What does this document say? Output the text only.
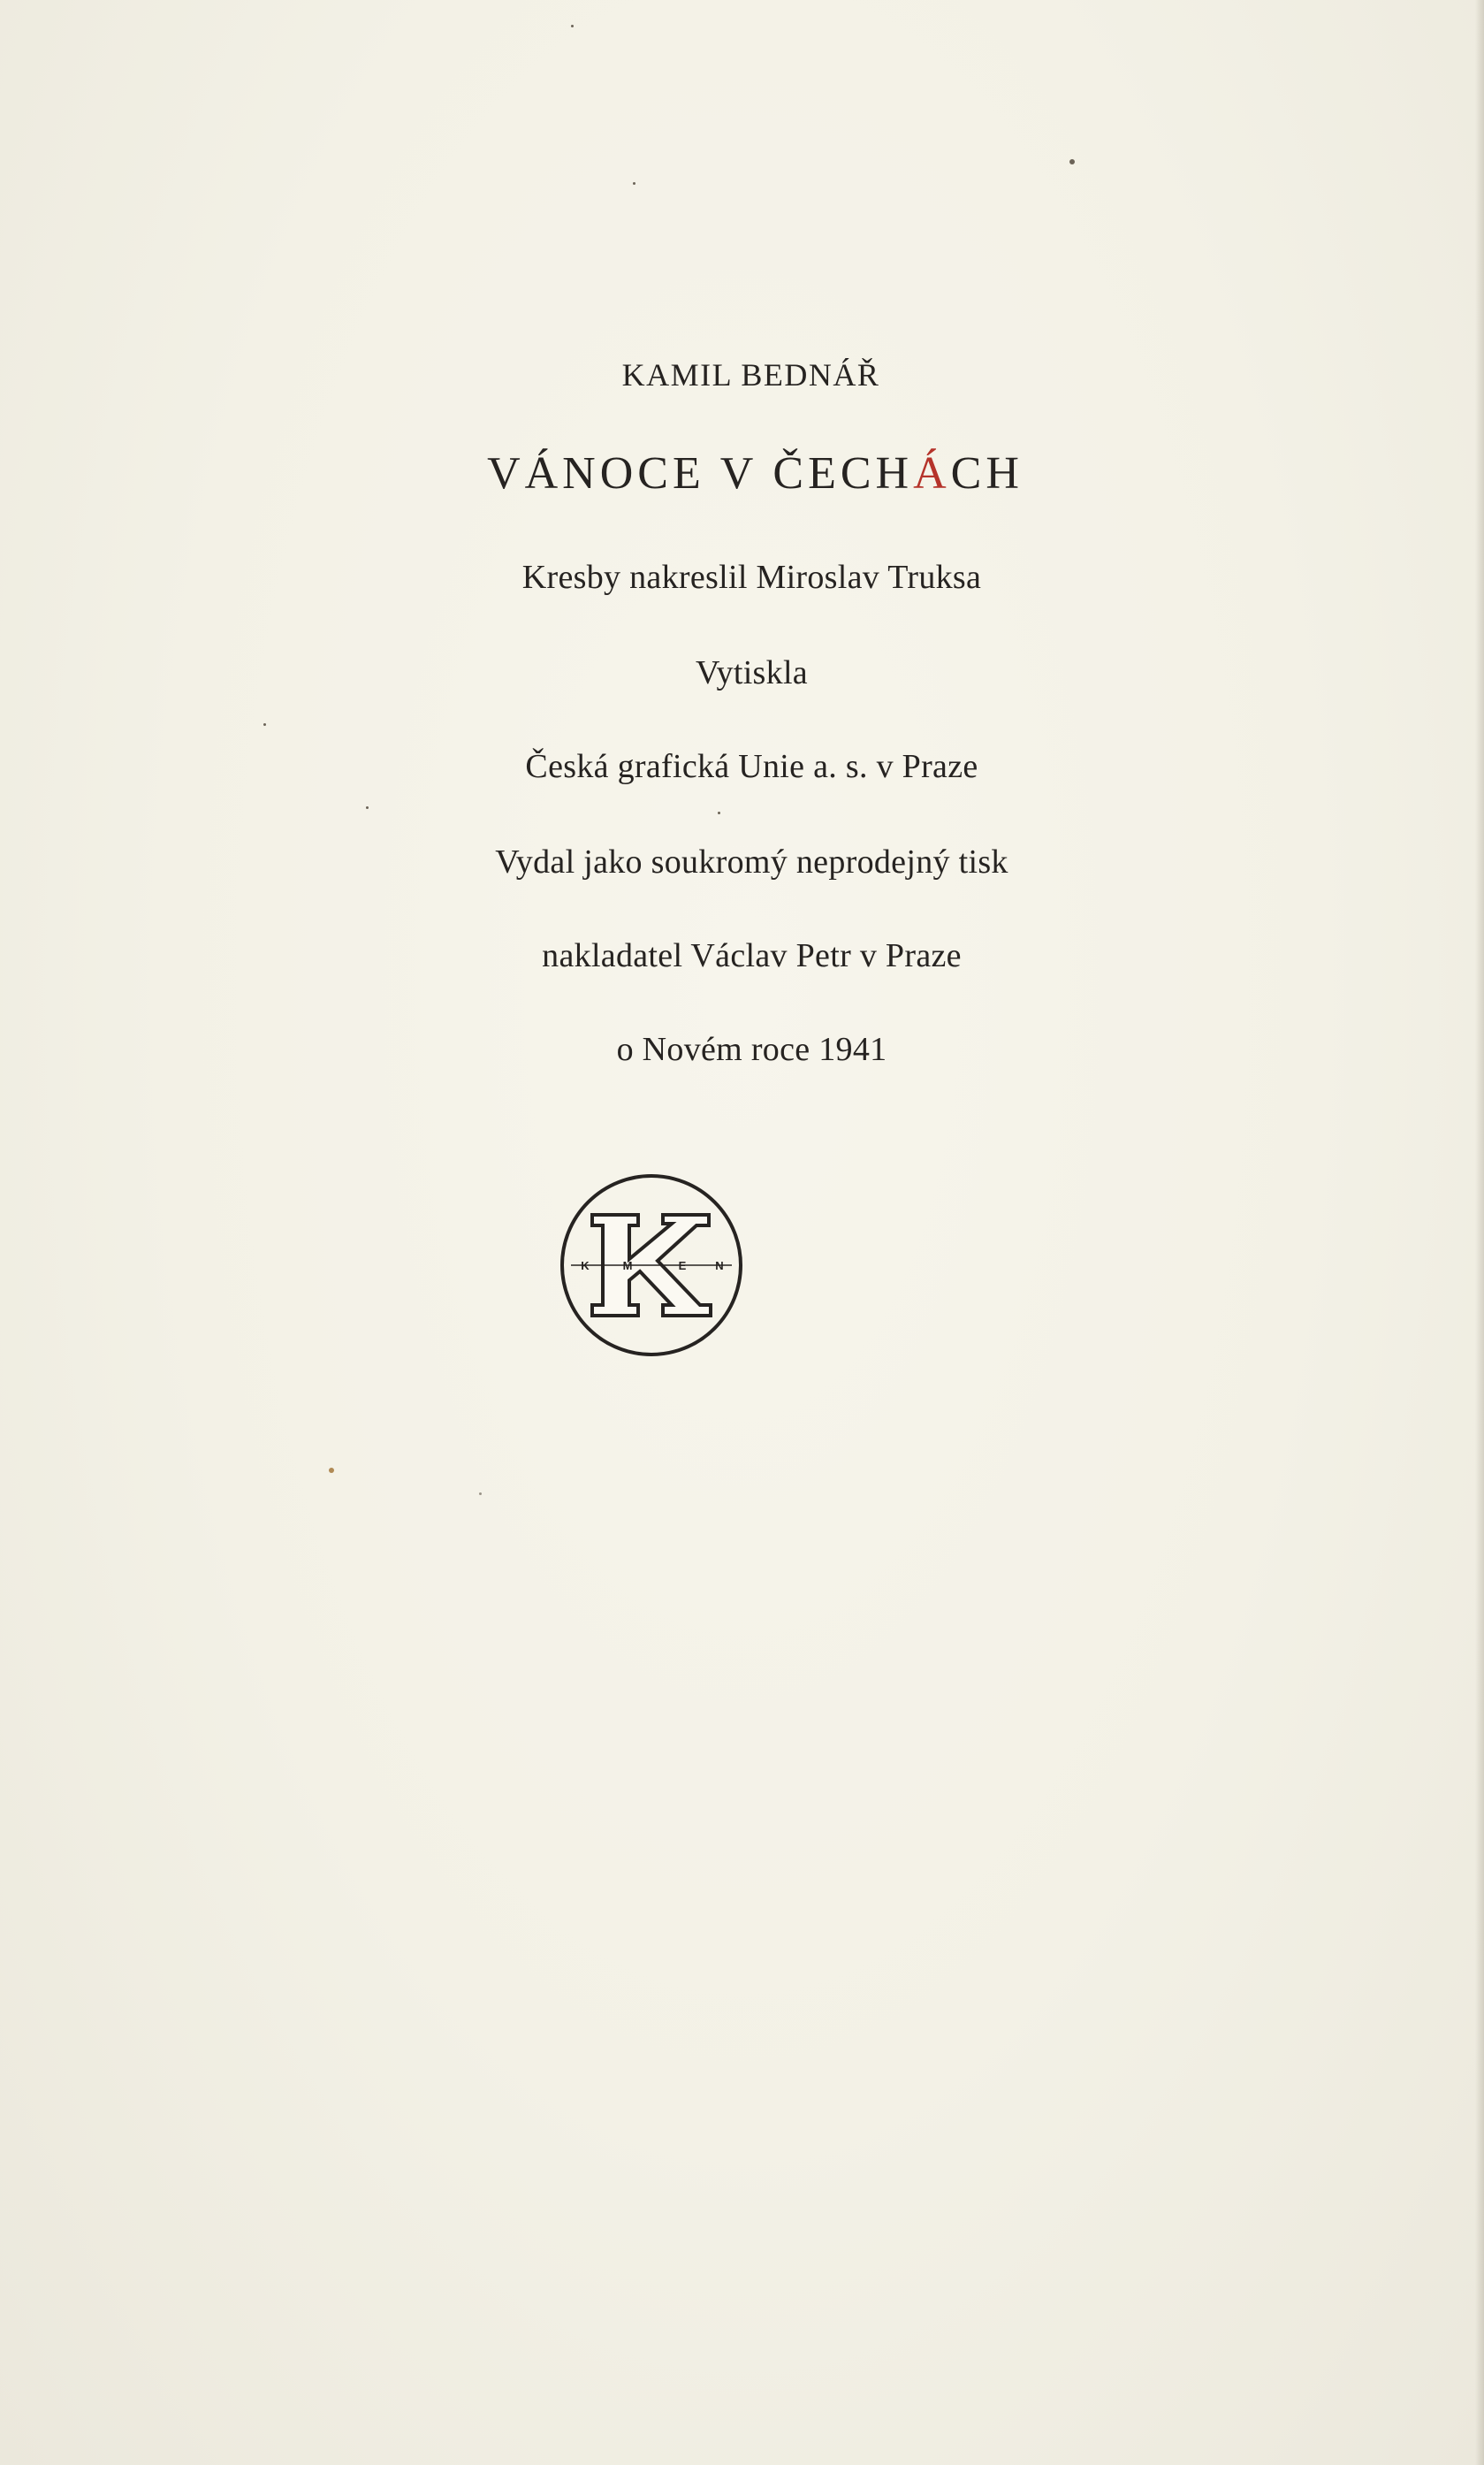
KAMIL BEDNÁŘ
VÁNOCE V ČECHÁCH
Kresby nakreslil Miroslav Truksa
Vytiskla
Česká grafická Unie a. s. v Praze
Vydal jako soukromý neprodejný tisk
nakladatel Václav Petr v Praze
o Novém roce 1941
K	M	E	N
